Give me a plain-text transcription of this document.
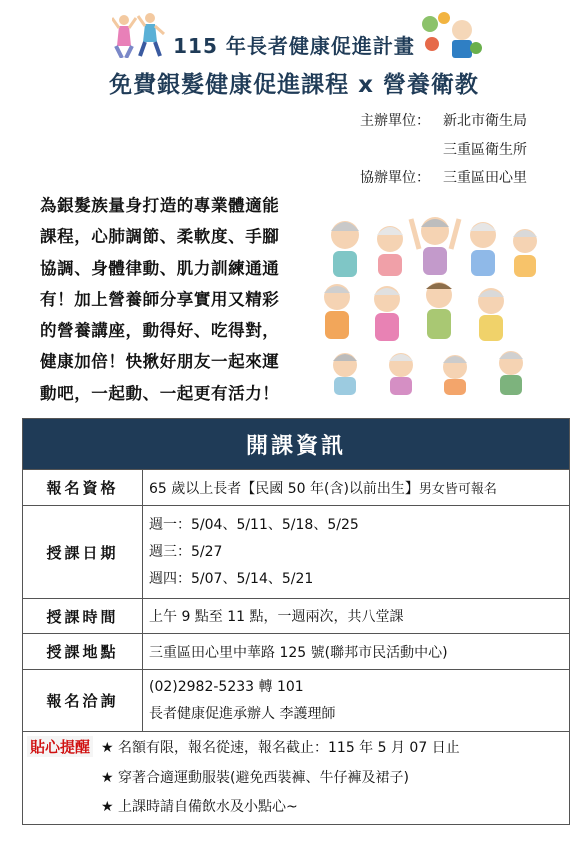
115 年長者健康促進計畫
免費銀髮健康促進課程 x 營養衛教
主辦單位： 新北市衛生局
三重區衛生所
協辦單位： 三重區田心里
為銀髮族量身打造的專業體適能
課程，心肺調節、柔軟度、手腳
協調、身體律動、肌力訓練通通
有！加上營養師分享實用又精彩
的營養講座，動得好、吃得對，
健康加倍！快揪好朋友一起來運
動吧，一起動、一起更有活力！
開課資訊	
報名資格	65 歲以上長者【民國 50 年(含)以前出生】男女皆可報名
授課日期	週一：5/04、5/11、5/18、5/25
週三：5/27
週四：5/07、5/14、5/21

授課時間	上午 9 點至 11 點，一週兩次，共八堂課
授課地點	三重區田心里中華路 125 號(聯邦市民活動中心)
報名洽詢	(02)2982-5233 轉 101
長者健康促進承辦人 李護理師

貼心提醒 ★ 名額有限，報名從速，報名截止：115 年 5 月 07 日止
★ 穿著合適運動服裝(避免西裝褲、牛仔褲及裙子)
★ 上課時請自備飲水及小點心~	
